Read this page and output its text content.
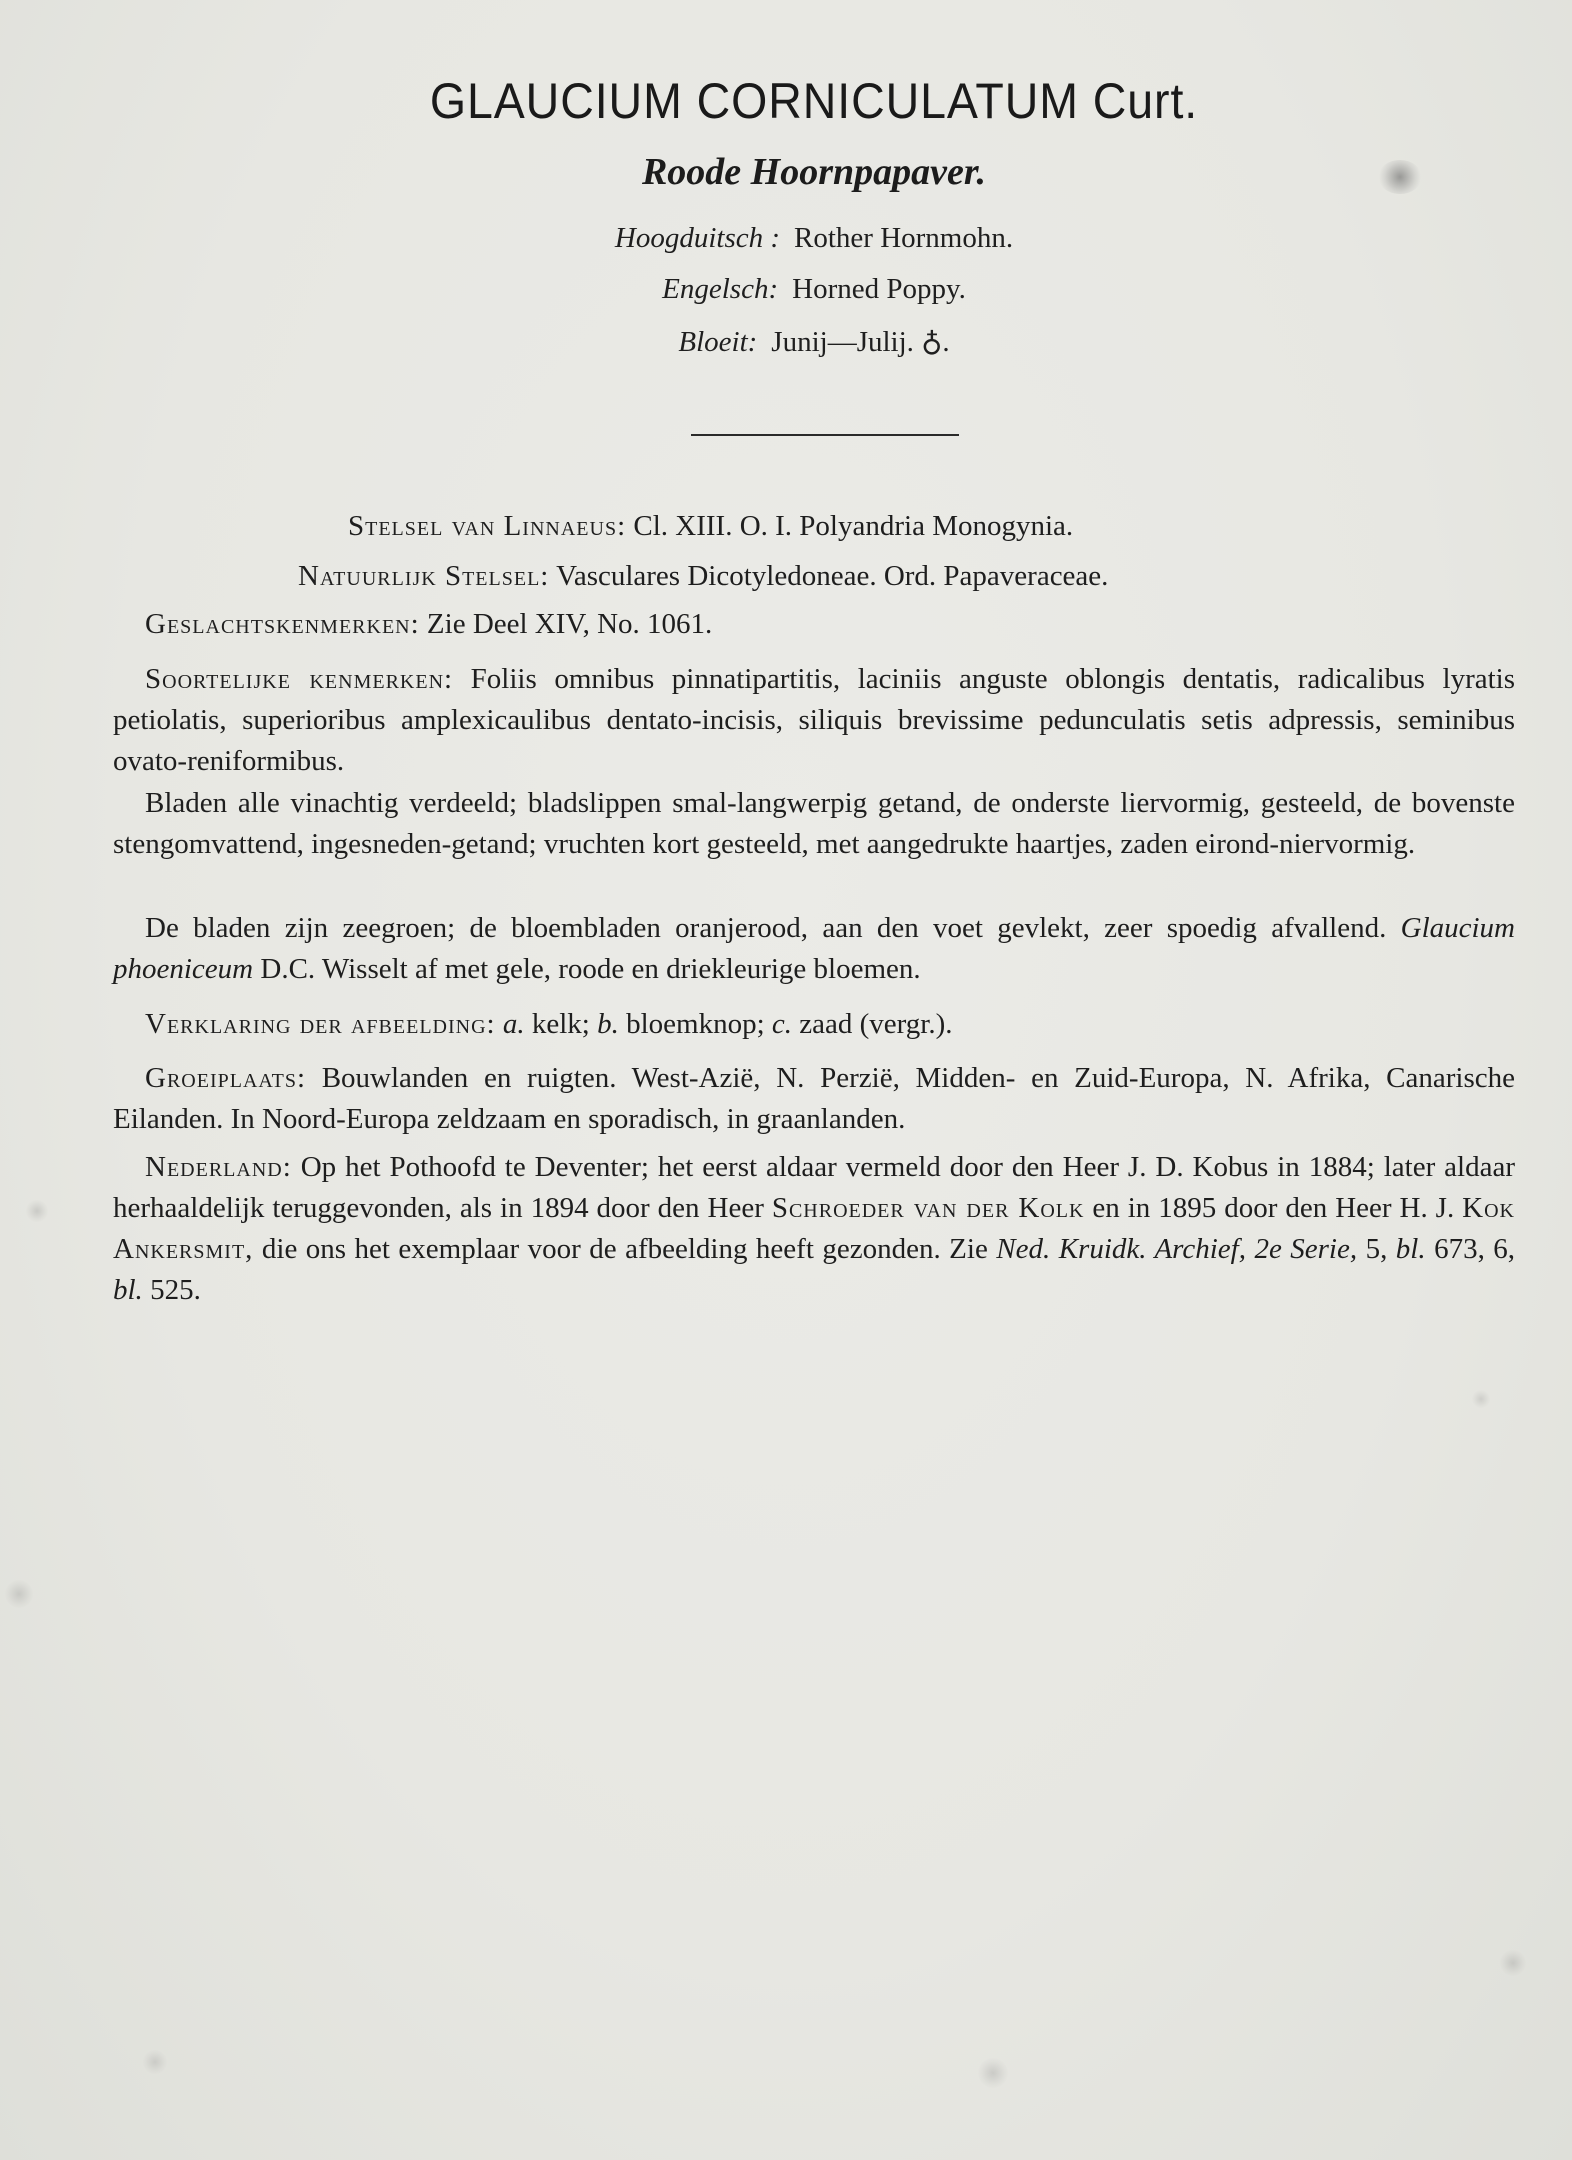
GLAUCIUM CORNICULATUM Curt.
Roode Hoornpapaver.
Hoogduitsch : Rother Hornmohn.
Engelsch: Horned Poppy.
Bloeit: Junij—Julij. ♁.
Stelsel van Linnaeus: Cl. XIII. O. I. Polyandria Monogynia.
Natuurlijk Stelsel: Vasculares Dicotyledoneae. Ord. Papaveraceae.
Geslachtskenmerken: Zie Deel XIV, No. 1061.
Soortelijke kenmerken: Foliis omnibus pinnatipartitis, laciniis anguste oblongis dentatis, radicalibus lyratis petiolatis, superioribus amplexicaulibus dentato-incisis, siliquis brevissime pedunculatis setis adpressis, seminibus ovato-reniformibus.
Bladen alle vinachtig verdeeld; bladslippen smal-langwerpig getand, de onderste liervormig, gesteeld, de bovenste stengomvattend, ingesneden-getand; vruchten kort gesteeld, met aangedrukte haartjes, zaden eirond-niervormig.
De bladen zijn zeegroen; de bloembladen oranjerood, aan den voet gevlekt, zeer spoedig afvallend. Glaucium phoeniceum D.C. Wisselt af met gele, roode en driekleurige bloemen.
Verklaring der afbeelding: a. kelk; b. bloemknop; c. zaad (vergr.).
Groeiplaats: Bouwlanden en ruigten. West-Azië, N. Perzië, Midden- en Zuid-Europa, N. Afrika, Canarische Eilanden. In Noord-Europa zeldzaam en sporadisch, in graanlanden.
Nederland: Op het Pothoofd te Deventer; het eerst aldaar vermeld door den Heer J. D. Kobus in 1884; later aldaar herhaaldelijk teruggevonden, als in 1894 door den Heer Schroeder van der Kolk en in 1895 door den Heer H. J. Kok Ankersmit, die ons het exemplaar voor de afbeelding heeft gezonden. Zie Ned. Kruidk. Archief, 2e Serie, 5, bl. 673, 6, bl. 525.
